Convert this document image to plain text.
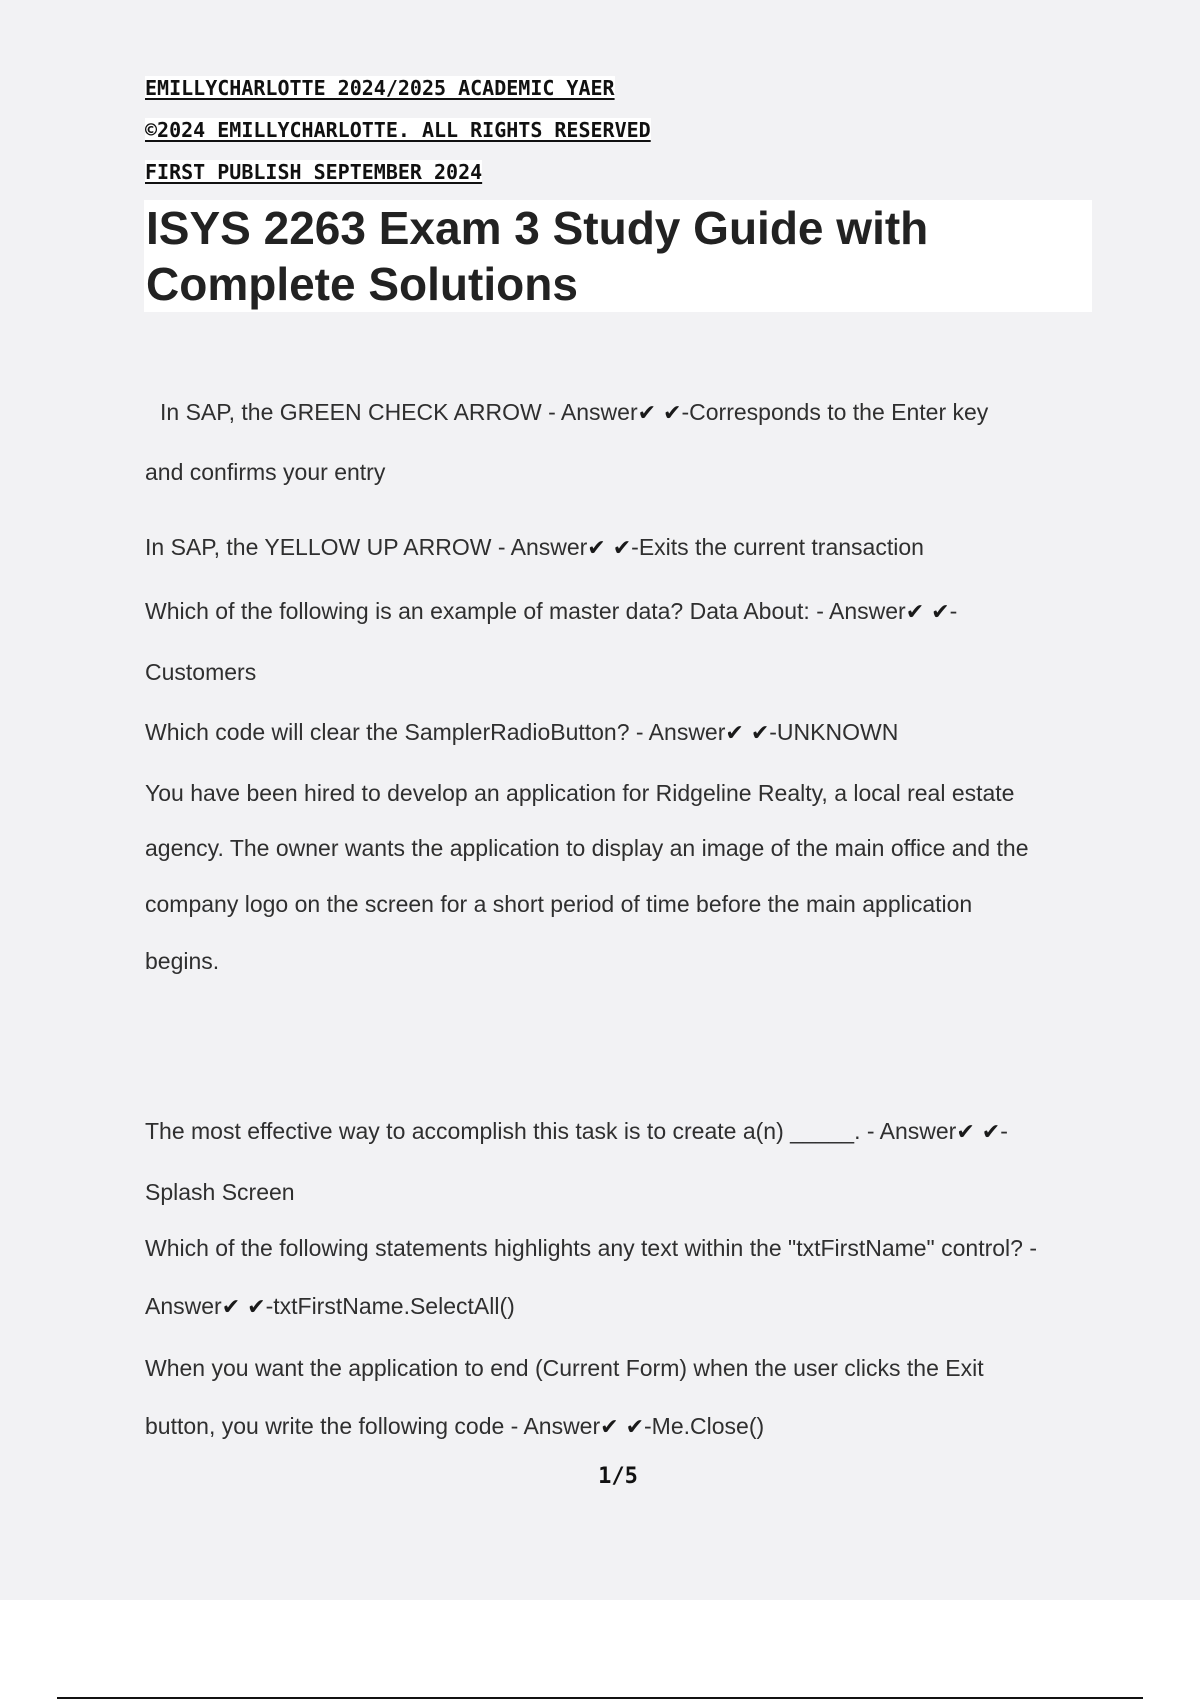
EMILLYCHARLOTTE 2024/2025 ACADEMIC YAER
©2024 EMILLYCHARLOTTE. ALL RIGHTS RESERVED
FIRST PUBLISH SEPTEMBER 2024
ISYS 2263 Exam 3 Study Guide with
Complete Solutions
In SAP, the GREEN CHECK ARROW - Answer✔ ✔-Corresponds to the Enter key
and confirms your entry
In SAP, the YELLOW UP ARROW - Answer✔ ✔-Exits the current transaction
Which of the following is an example of master data? Data About: - Answer✔ ✔-
Customers
Which code will clear the SamplerRadioButton? - Answer✔ ✔-UNKNOWN
You have been hired to develop an application for Ridgeline Realty, a local real estate
agency. The owner wants the application to display an image of the main office and the
company logo on the screen for a short period of time before the main application
begins.
The most effective way to accomplish this task is to create a(n) _____. - Answer✔ ✔-
Splash Screen
Which of the following statements highlights any text within the "txtFirstName" control? -
Answer✔ ✔-txtFirstName.SelectAll()
When you want the application to end (Current Form) when the user clicks the Exit
button, you write the following code - Answer✔ ✔-Me.Close()
1/5
